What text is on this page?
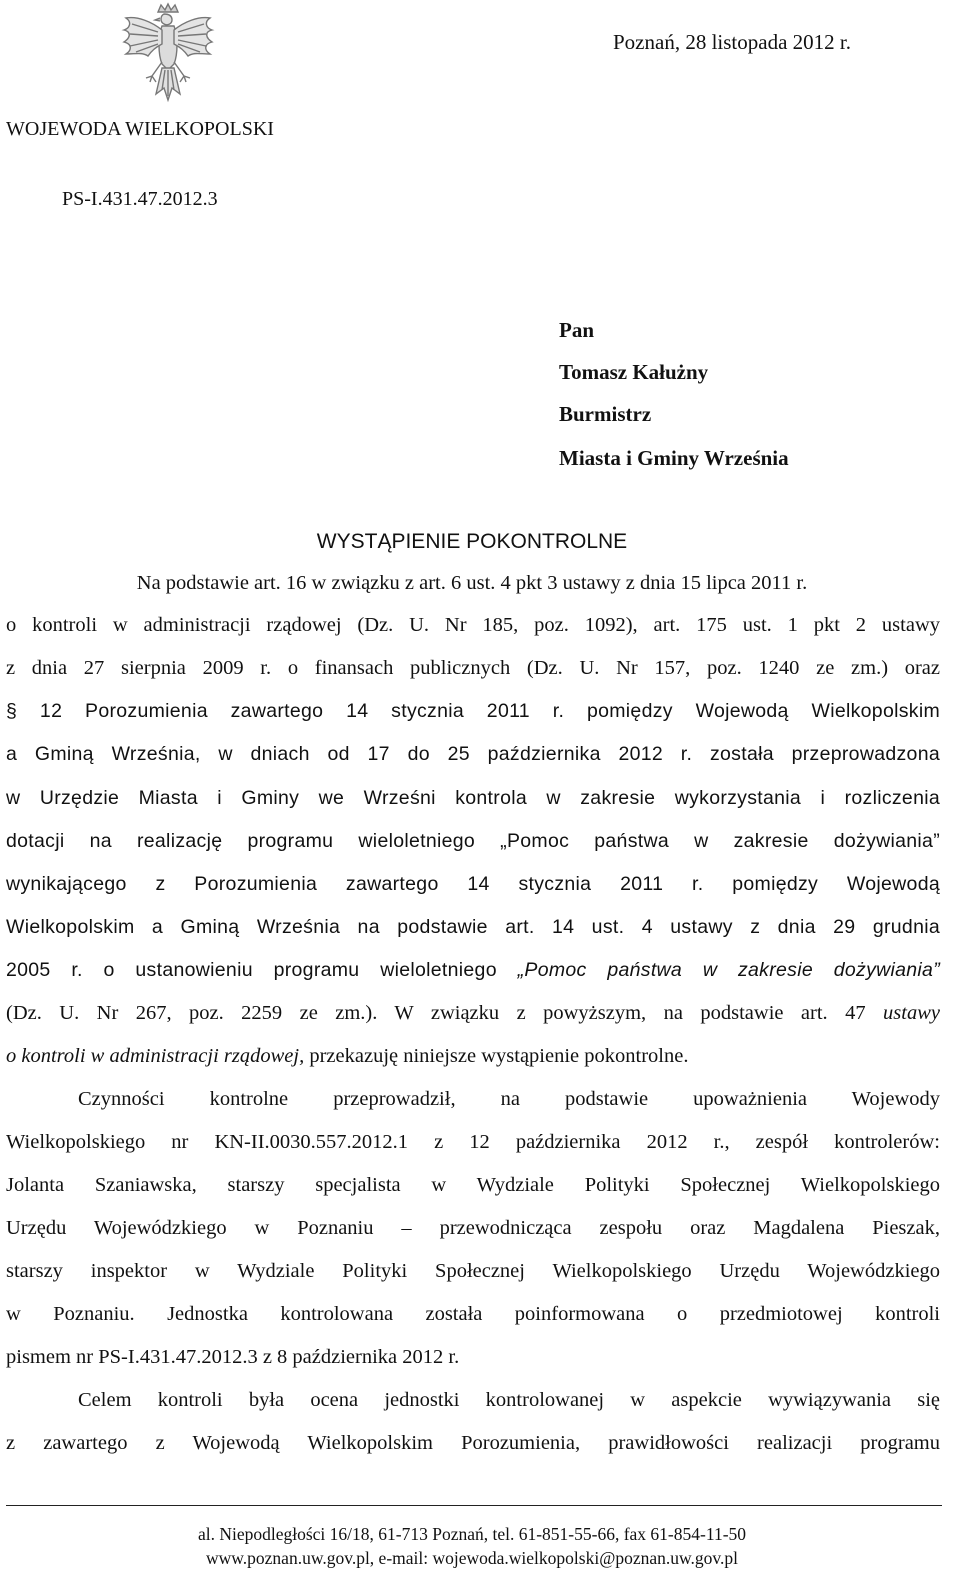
Poznań, 28 listopada 2012 r.
WOJEWODA WIELKOPOLSKI
PS-I.431.47.2012.3
Pan
Tomasz Kałużny
Burmistrz
Miasta i Gminy Września
WYSTĄPIENIE POKONTROLNE
Na podstawie art. 16 w związku z art. 6 ust. 4 pkt 3 ustawy z dnia 15 lipca 2011 r.
o kontroli w administracji rządowej (Dz. U. Nr 185, poz. 1092), art. 175 ust. 1 pkt 2 ustawy
z dnia 27 sierpnia 2009 r. o finansach publicznych (Dz. U. Nr 157, poz. 1240 ze zm.) oraz
§ 12 Porozumienia zawartego 14 stycznia 2011 r. pomiędzy Wojewodą Wielkopolskim
a Gminą Września, w dniach od 17 do 25 października 2012 r. została przeprowadzona
w Urzędzie Miasta i Gminy we Wrześni kontrola w zakresie wykorzystania i rozliczenia
dotacji na realizację programu wieloletniego „Pomoc państwa w zakresie dożywiania”
wynikającego z Porozumienia zawartego 14 stycznia 2011 r. pomiędzy Wojewodą
Wielkopolskim a Gminą Września na podstawie art. 14 ust. 4 ustawy z dnia 29 grudnia
2005 r. o ustanowieniu programu wieloletniego „Pomoc państwa w zakresie dożywiania”
(Dz. U. Nr 267, poz. 2259 ze zm.). W związku z powyższym, na podstawie art. 47 ustawy
o kontroli w administracji rządowej, przekazuję niniejsze wystąpienie pokontrolne.
Czynności kontrolne przeprowadził, na podstawie upoważnienia Wojewody
Wielkopolskiego nr KN-II.0030.557.2012.1 z 12 października 2012 r., zespół kontrolerów:
Jolanta Szaniawska, starszy specjalista w Wydziale Polityki Społecznej Wielkopolskiego
Urzędu Wojewódzkiego w Poznaniu – przewodnicząca zespołu oraz Magdalena Pieszak,
starszy inspektor w Wydziale Polityki Społecznej Wielkopolskiego Urzędu Wojewódzkiego
w Poznaniu. Jednostka kontrolowana została poinformowana o przedmiotowej kontroli
pismem nr PS-I.431.47.2012.3 z 8 października 2012 r.
Celem kontroli była ocena jednostki kontrolowanej w aspekcie wywiązywania się
z zawartego z Wojewodą Wielkopolskim Porozumienia, prawidłowości realizacji programu
al. Niepodległości 16/18, 61-713 Poznań, tel. 61-851-55-66, fax 61-854-11-50
www.poznan.uw.gov.pl, e-mail: wojewoda.wielkopolski@poznan.uw.gov.pl
